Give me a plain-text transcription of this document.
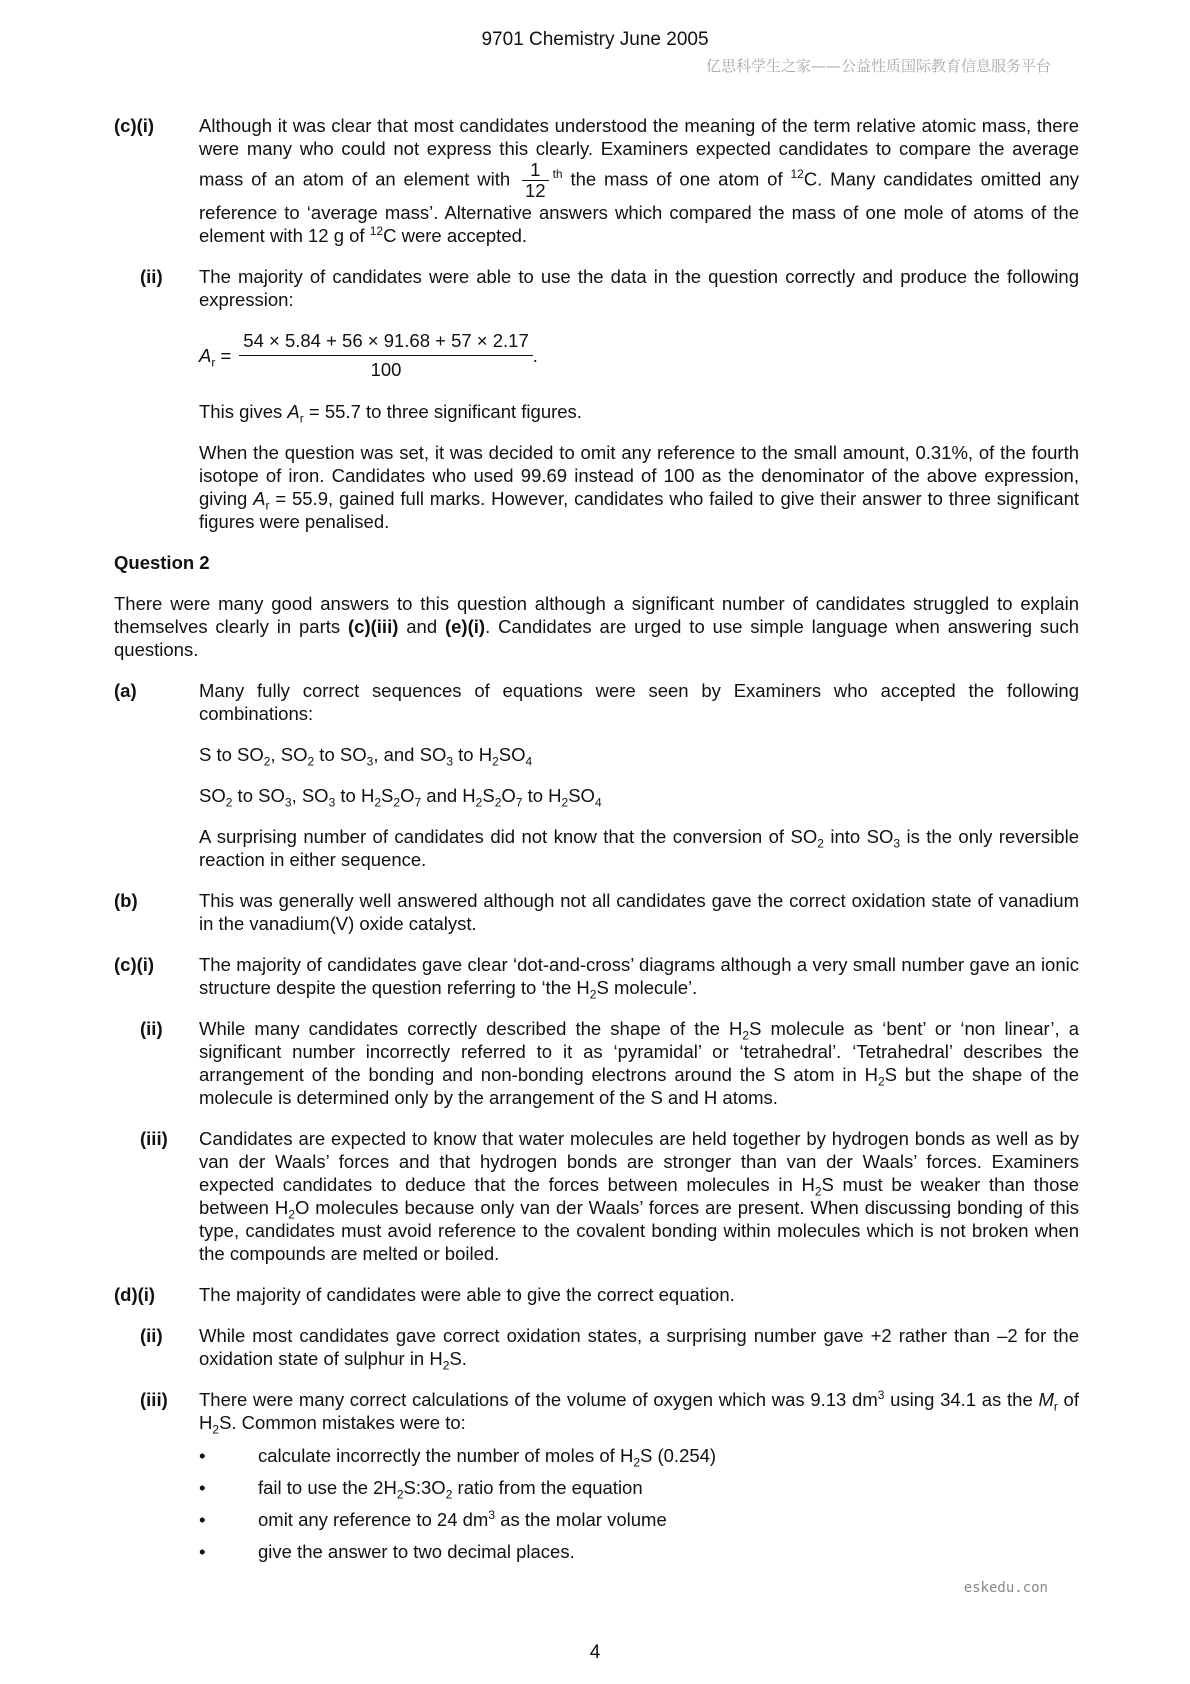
9701 Chemistry June 2005
亿思科学生之家——公益性质国际教育信息服务平台
(c)(i)	Although it was clear that most candidates understood the meaning of the term relative atomic mass, there were many who could not express this clearly. Examiners expected candidates to compare the average mass of an atom of an element with $\frac{1}{12} ^{th}$ the mass of one atom of $^{12}$C. Many candidates omitted any reference to ‘average mass’. Alternative answers which compared the mass of one mole of atoms of the element with 12 g of $^{12}$C were accepted.
(ii)	The majority of candidates were able to use the data in the question correctly and produce the following expression:

$A_r = \frac{54 \times 5.84 + 56 \times 91.68 + 57 \times 2.17}{100}$ .

This gives $A_r = 55.7$ to three significant figures.

When the question was set, it was decided to omit any reference to the small amount, 0.31%, of the fourth isotope of iron. Candidates who used 99.69 instead of 100 as the denominator of the above expression, giving $A_r = 55.9$, gained full marks. However, candidates who failed to give their answer to three significant figures were penalised.

Question 2
There were many good answers to this question although a significant number of candidates struggled to explain themselves clearly in parts (c)(iii) and (e)(i). Candidates are urged to use simple language when answering such questions.
(a)	Many fully correct sequences of equations were seen by Examiners who accepted the following combinations:

S to $SO_2$, $SO_2$ to $SO_3$, and $SO_3$ to $H_2SO_4$

$SO_2$ to $SO_3$, $SO_3$ to $H_2S_2O_7$ and $H_2S_2O_7$ to $H_2SO_4$

A surprising number of candidates did not know that the conversion of $SO_2$ into $SO_3$ is the only reversible reaction in either sequence.

(b)	This was generally well answered although not all candidates gave the correct oxidation state of vanadium in the vanadium(V) oxide catalyst.
(c)(i)	The majority of candidates gave clear ‘dot-and-cross’ diagrams although a very small number gave an ionic structure despite the question referring to ‘the $H_2S$ molecule’.
(ii)	While many candidates correctly described the shape of the $H_2S$ molecule as ‘bent’ or ‘non linear’, a significant number incorrectly referred to it as ‘pyramidal’ or ‘tetrahedral’. ‘Tetrahedral’ describes the arrangement of the bonding and non-bonding electrons around the S atom in $H_2S$ but the shape of the molecule is determined only by the arrangement of the S and H atoms.
(iii)	Candidates are expected to know that water molecules are held together by hydrogen bonds as well as by van der Waals’ forces and that hydrogen bonds are stronger than van der Waals’ forces. Examiners expected candidates to deduce that the forces between molecules in $H_2S$ must be weaker than those between $H_2O$ molecules because only van der Waals’ forces are present. When discussing bonding of this type, candidates must avoid reference to the covalent bonding within molecules which is not broken when the compounds are melted or boiled.
(d)(i)	The majority of candidates were able to give the correct equation.
(ii)	While most candidates gave correct oxidation states, a surprising number gave +2 rather than –2 for the oxidation state of sulphur in $H_2S$.
(iii)	There were many correct calculations of the volume of oxygen which was 9.13 $dm^3$ using 34.1 as the $M_r$ of $H_2S$. Common mistakes were to:
•	calculate incorrectly the number of moles of $H_2S$ (0.254)
•	fail to use the $2H_2S:3O_2$ ratio from the equation
•	omit any reference to 24 $dm^3$ as the molar volume
•	give the answer to two decimal places.
eskedu.con
4
